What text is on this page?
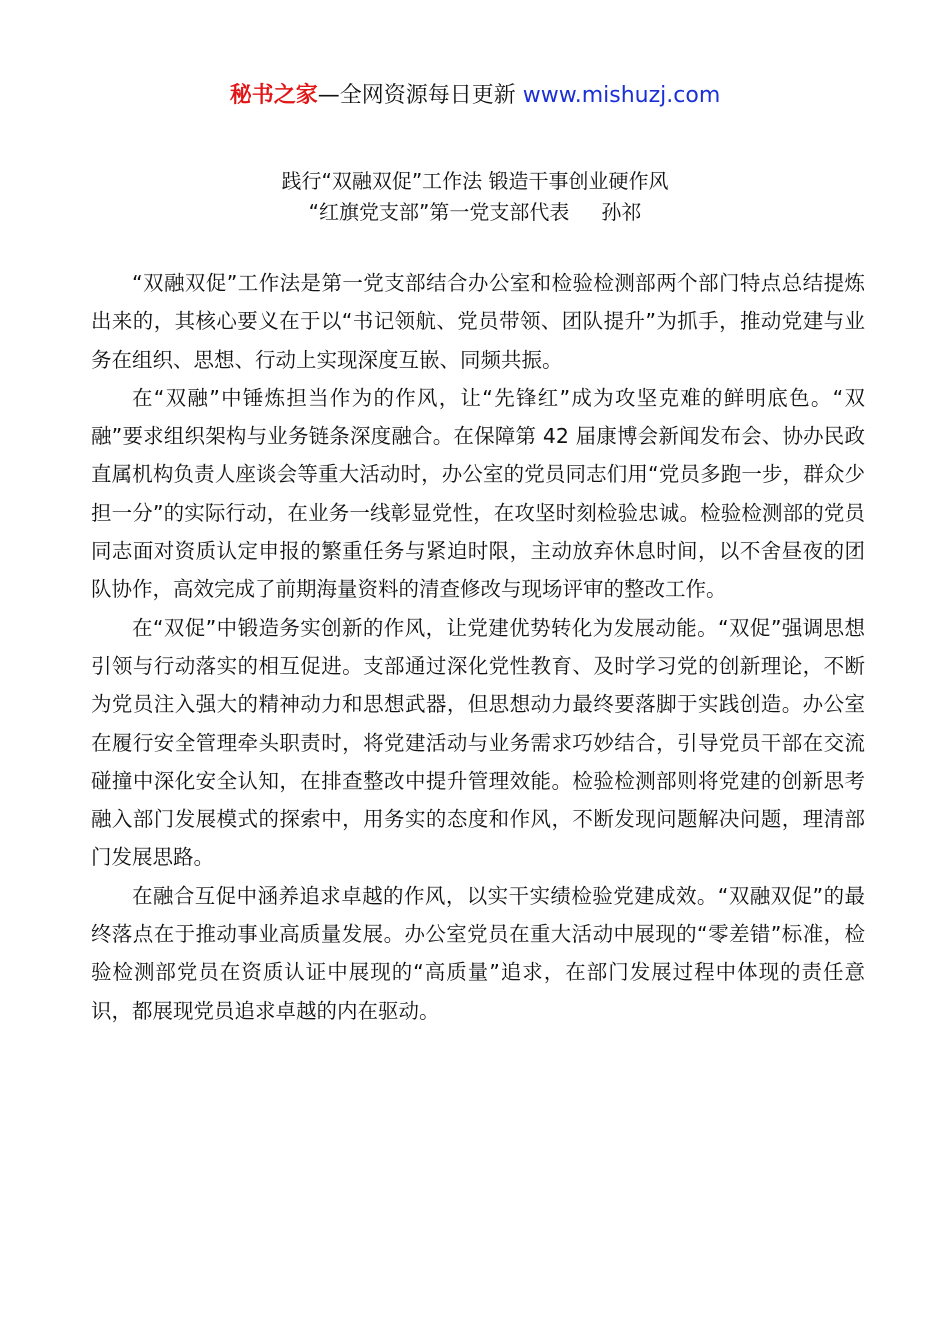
秘书之家—全网资源每日更新 www.mishuzj.com
践行“双融双促”工作法 锻造干事创业硬作风
“红旗党支部”第一党支部代表 孙祁

“双融双促”工作法是第一党支部结合办公室和检验检测部两个部门特点总结提炼出来的，其核心要义在于以“书记领航、党员带领、团队提升”为抓手，推动党建与业务在组织、思想、行动上实现深度互嵌、同频共振。

在“双融”中锤炼担当作为的作风，让“先锋红”成为攻坚克难的鲜明底色。“双融”要求组织架构与业务链条深度融合。在保障第 42 届康博会新闻发布会、协办民政直属机构负责人座谈会等重大活动时，办公室的党员同志们用“党员多跑一步，群众少担一分”的实际行动，在业务一线彰显党性，在攻坚时刻检验忠诚。检验检测部的党员同志面对资质认定申报的繁重任务与紧迫时限，主动放弃休息时间，以不舍昼夜的团队协作，高效完成了前期海量资料的清查修改与现场评审的整改工作。

在“双促”中锻造务实创新的作风，让党建优势转化为发展动能。“双促”强调思想引领与行动落实的相互促进。支部通过深化党性教育、及时学习党的创新理论，不断为党员注入强大的精神动力和思想武器，但思想动力最终要落脚于实践创造。办公室在履行安全管理牵头职责时，将党建活动与业务需求巧妙结合，引导党员干部在交流碰撞中深化安全认知，在排查整改中提升管理效能。检验检测部则将党建的创新思考融入部门发展模式的探索中，用务实的态度和作风，不断发现问题解决问题，理清部门发展思路。

在融合互促中涵养追求卓越的作风，以实干实绩检验党建成效。“双融双促”的最终落点在于推动事业高质量发展。办公室党员在重大活动中展现的“零差错”标准，检验检测部党员在资质认证中展现的“高质量”追求，在部门发展过程中体现的责任意识，都展现党员追求卓越的内在驱动。
